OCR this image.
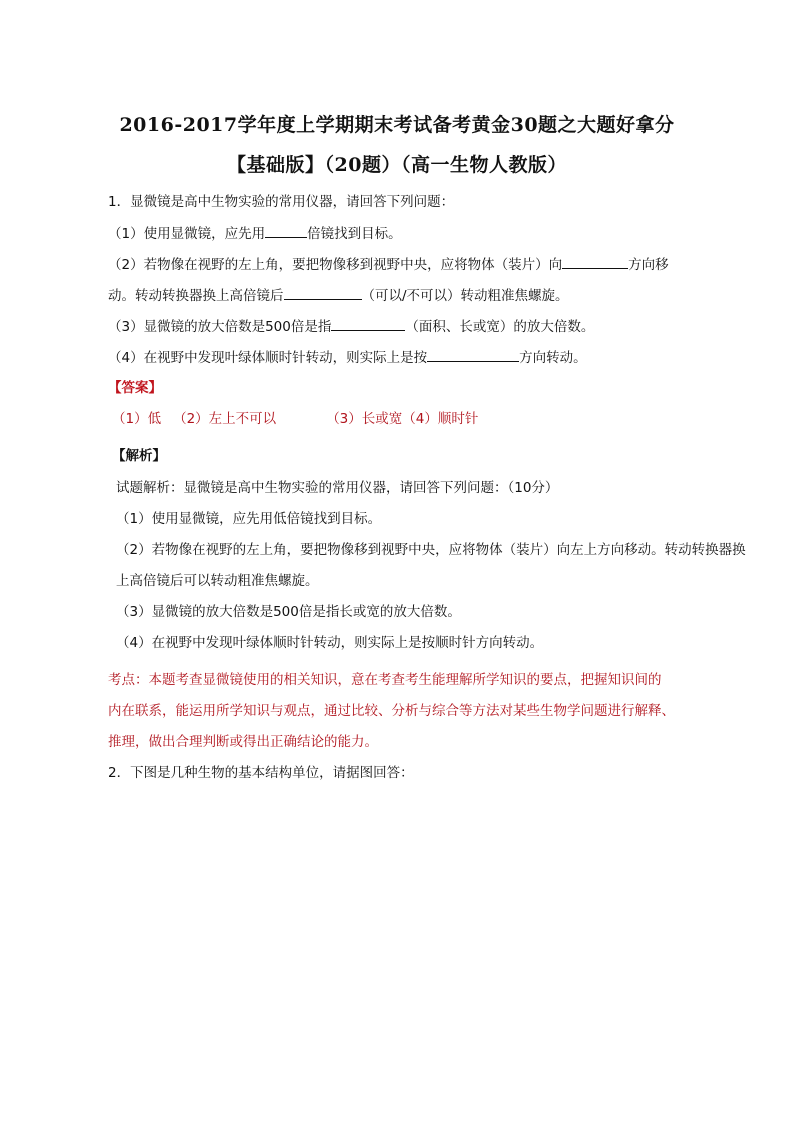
2016-2017学年度上学期期末考试备考黄金30题之大题好拿分
【基础版】（20题）（高一生物人教版）
1．显微镜是高中生物实验的常用仪器，请回答下列问题：
（1）使用显微镜，应先用	倍镜找到目标。
（2）若物像在视野的左上角，要把物像移到视野中央，应将物体（装片）向	方向移
动。转动转换器换上高倍镜后	（可以/不可以）转动粗准焦螺旋。
（3）显微镜的放大倍数是500倍是指	（面积、长或宽）的放大倍数。
（4）在视野中发现叶绿体顺时针转动，则实际上是按	方向转动。
【答案】
（1）低 （2）左上不可以	（3）长或宽（4）顺时针
【解析】
试题解析：显微镜是高中生物实验的常用仪器，请回答下列问题：（10分）
（1）使用显微镜，应先用低倍镜找到目标。
（2）若物像在视野的左上角，要把物像移到视野中央，应将物体（装片）向左上方向移动。转动转换器换
上高倍镜后可以转动粗准焦螺旋。
（3）显微镜的放大倍数是500倍是指长或宽的放大倍数。
（4）在视野中发现叶绿体顺时针转动，则实际上是按顺时针方向转动。
考点：本题考查显微镜使用的相关知识，意在考查考生能理解所学知识的要点，把握知识间的
内在联系，能运用所学知识与观点，通过比较、分析与综合等方法对某些生物学问题进行解释、
推理，做出合理判断或得出正确结论的能力。
2．下图是几种生物的基本结构单位，请据图回答：
